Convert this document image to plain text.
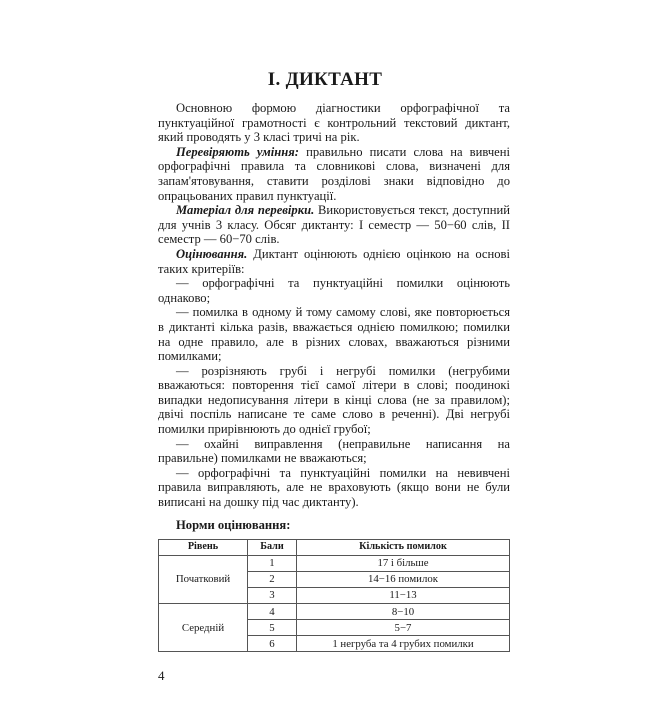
І. ДИКТАНТ

Основною формою діагностики орфографічної та пунктуаційної грамотності є контрольний текстовий диктант, який проводять у 3 класі тричі на рік.

Перевіряють уміння: правильно писати слова на вивчені орфографічні правила та словникові слова, визначені для запам'ятовування, ставити розділові знаки відповідно до опрацьованих правил пунктуації.

Матеріал для перевірки. Використовується текст, доступний для учнів 3 класу. Обсяг диктанту: І семестр — 50−60 слів, ІІ семестр — 60−70 слів.

Оцінювання. Диктант оцінюють однією оцінкою на основі таких критеріїв:

— орфографічні та пунктуаційні помилки оцінюють однаково;

— помилка в одному й тому самому слові, яке повторюється в диктанті кілька разів, вважається однією помилкою; помилки на одне правило, але в різних словах, вважаються різними помилками;

— розрізняють грубі і негрубі помилки (негрубими вважаються: повторення тієї самої літери в слові; поодинокі випадки недописування літери в кінці слова (не за правилом); двічі поспіль написане те саме слово в реченні). Дві негрубі помилки прирівнюють до однієї грубої;

— охайні виправлення (неправильне написання на правильне) помилками не вважаються;

— орфографічні та пунктуаційні помилки на невивчені правила виправляють, але не враховують (якщо вони не були виписані на дошку під час диктанту).

Норми оцінювання:
Рівень	Бали	Кількість помилок
Початковий	1	17 і більше
	2	14−16 помилок
	3	11−13
Середній	4	8−10
	5	5−7
	6	1 негруба та 4 грубих помилки
4
